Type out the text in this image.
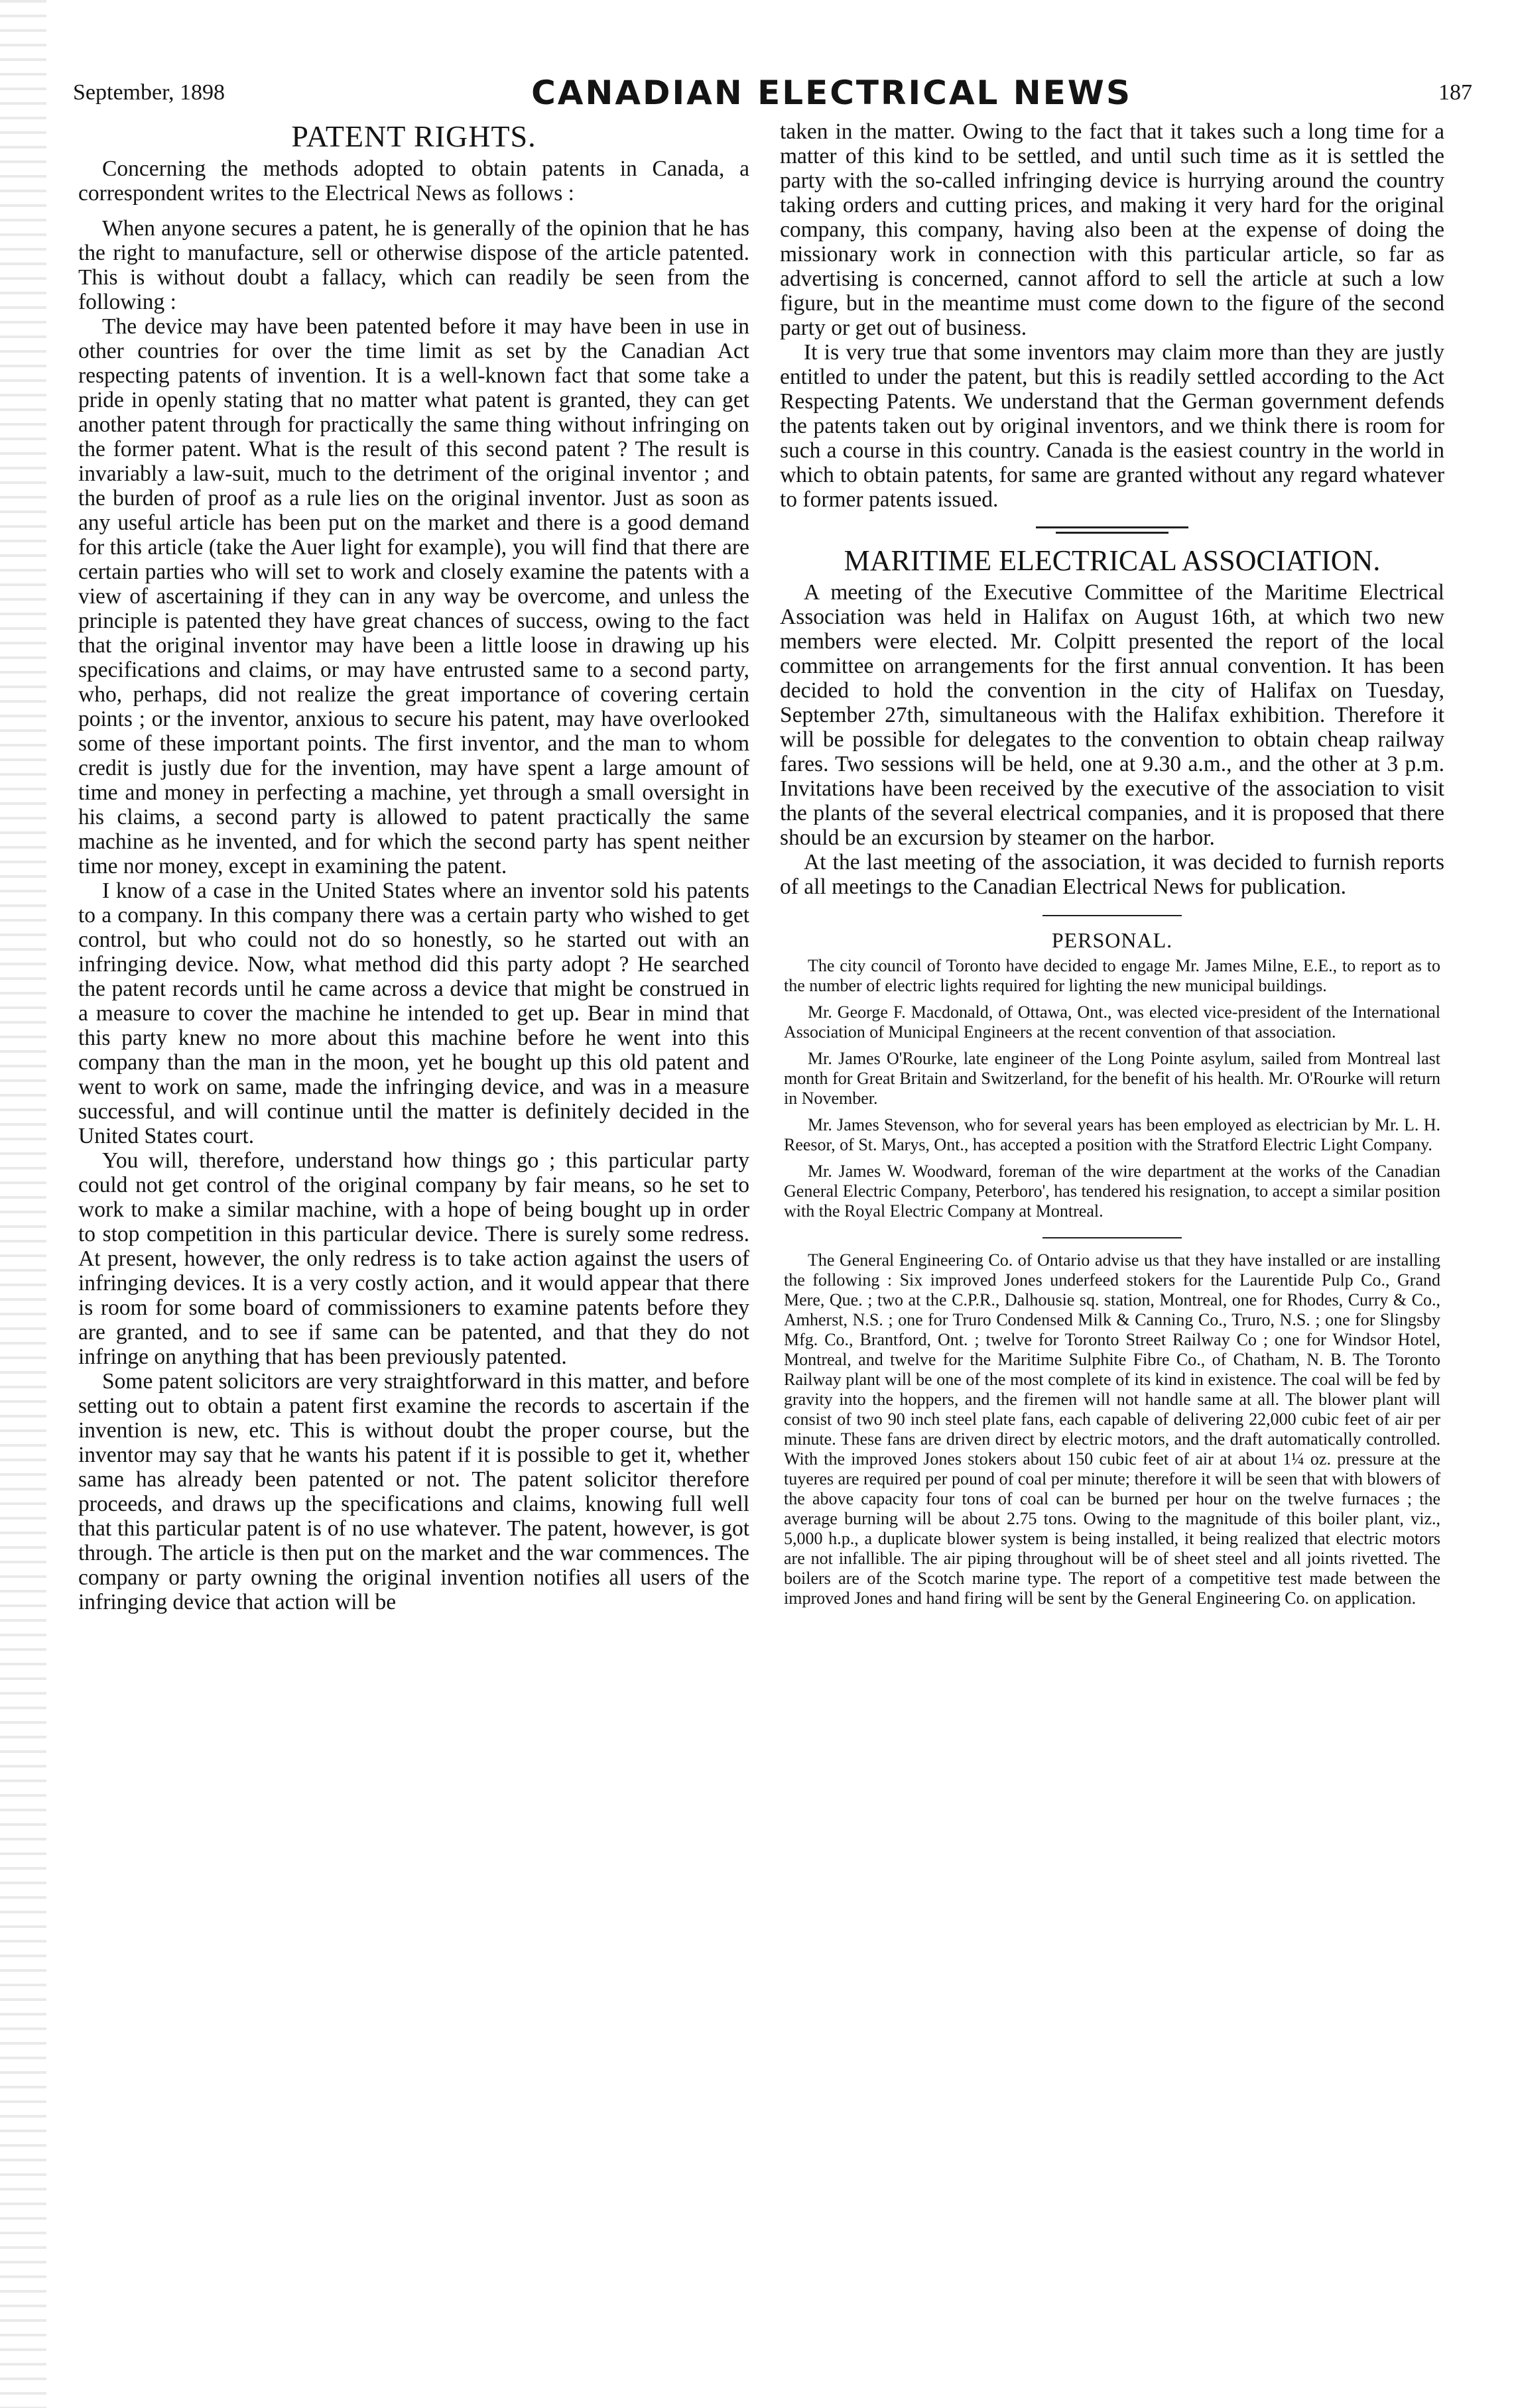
September, 1898	CANADIAN ELECTRICAL NEWS	187
PATENT RIGHTS.

Concerning the methods adopted to obtain patents in Canada, a correspondent writes to the Electrical News as follows :

When anyone secures a patent, he is generally of the opinion that he has the right to manufacture, sell or otherwise dispose of the article patented. This is without doubt a fallacy, which can readily be seen from the following :

The device may have been patented before it may have been in use in other countries for over the time limit as set by the Canadian Act respecting patents of invention. It is a well-known fact that some take a pride in openly stating that no matter what patent is granted, they can get another patent through for practically the same thing without infringing on the former patent. What is the result of this second patent ? The result is invariably a law-suit, much to the detriment of the original inventor ; and the burden of proof as a rule lies on the original inventor. Just as soon as any useful article has been put on the market and there is a good demand for this article (take the Auer light for example), you will find that there are certain parties who will set to work and closely examine the patents with a view of ascertaining if they can in any way be overcome, and unless the principle is patented they have great chances of success, owing to the fact that the original inventor may have been a little loose in drawing up his specifications and claims, or may have entrusted same to a second party, who, perhaps, did not realize the great importance of covering certain points ; or the inventor, anxious to secure his patent, may have overlooked some of these important points. The first inventor, and the man to whom credit is justly due for the invention, may have spent a large amount of time and money in perfecting a machine, yet through a small oversight in his claims, a second party is allowed to patent practically the same machine as he invented, and for which the second party has spent neither time nor money, except in examining the patent.

I know of a case in the United States where an inventor sold his patents to a company. In this company there was a certain party who wished to get control, but who could not do so honestly, so he started out with an infringing device. Now, what method did this party adopt ? He searched the patent records until he came across a device that might be construed in a measure to cover the machine he intended to get up. Bear in mind that this party knew no more about this machine before he went into this company than the man in the moon, yet he bought up this old patent and went to work on same, made the infringing device, and was in a measure successful, and will continue until the matter is definitely decided in the United States court.

You will, therefore, understand how things go ; this particular party could not get control of the original company by fair means, so he set to work to make a similar machine, with a hope of being bought up in order to stop competition in this particular device. There is surely some redress. At present, however, the only redress is to take action against the users of infringing devices. It is a very costly action, and it would appear that there is room for some board of commissioners to examine patents before they are granted, and to see if same can be patented, and that they do not infringe on anything that has been previously patented.

Some patent solicitors are very straightforward in this matter, and before setting out to obtain a patent first examine the records to ascertain if the invention is new, etc. This is without doubt the proper course, but the inventor may say that he wants his patent if it is possible to get it, whether same has already been patented or not. The patent solicitor therefore proceeds, and draws up the specifications and claims, knowing full well that this particular patent is of no use whatever. The patent, however, is got through. The article is then put on the market and the war commences. The company or party owning the original invention notifies all users of the infringing device that action will be

taken in the matter. Owing to the fact that it takes such a long time for a matter of this kind to be settled, and until such time as it is settled the party with the so-called infringing device is hurrying around the country taking orders and cutting prices, and making it very hard for the original company, this company, having also been at the expense of doing the missionary work in connection with this particular article, so far as advertising is concerned, cannot afford to sell the article at such a low figure, but in the meantime must come down to the figure of the second party or get out of business.

It is very true that some inventors may claim more than they are justly entitled to under the patent, but this is readily settled according to the Act Respecting Patents. We understand that the German government defends the patents taken out by original inventors, and we think there is room for such a course in this country. Canada is the easiest country in the world in which to obtain patents, for same are granted without any regard whatever to former patents issued.

MARITIME ELECTRICAL ASSOCIATION.

A meeting of the Executive Committee of the Maritime Electrical Association was held in Halifax on August 16th, at which two new members were elected. Mr. Colpitt presented the report of the local committee on arrangements for the first annual convention. It has been decided to hold the convention in the city of Halifax on Tuesday, September 27th, simultaneous with the Halifax exhibition. Therefore it will be possible for delegates to the convention to obtain cheap railway fares. Two sessions will be held, one at 9.30 a.m., and the other at 3 p.m. Invitations have been received by the executive of the association to visit the plants of the several electrical companies, and it is proposed that there should be an excursion by steamer on the harbor.

At the last meeting of the association, it was decided to furnish reports of all meetings to the Canadian Electrical News for publication.

PERSONAL.

The city council of Toronto have decided to engage Mr. James Milne, E.E., to report as to the number of electric lights required for lighting the new municipal buildings.

Mr. George F. Macdonald, of Ottawa, Ont., was elected vice-president of the International Association of Municipal Engineers at the recent convention of that association.

Mr. James O'Rourke, late engineer of the Long Pointe asylum, sailed from Montreal last month for Great Britain and Switzerland, for the benefit of his health. Mr. O'Rourke will return in November.

Mr. James Stevenson, who for several years has been employed as electrician by Mr. L. H. Reesor, of St. Marys, Ont., has accepted a position with the Stratford Electric Light Company.

Mr. James W. Woodward, foreman of the wire department at the works of the Canadian General Electric Company, Peterboro', has tendered his resignation, to accept a similar position with the Royal Electric Company at Montreal.

The General Engineering Co. of Ontario advise us that they have installed or are installing the following : Six improved Jones underfeed stokers for the Laurentide Pulp Co., Grand Mere, Que. ; two at the C.P.R., Dalhousie sq. station, Montreal, one for Rhodes, Curry & Co., Amherst, N.S. ; one for Truro Condensed Milk & Canning Co., Truro, N.S. ; one for Slingsby Mfg. Co., Brantford, Ont. ; twelve for Toronto Street Railway Co ; one for Windsor Hotel, Montreal, and twelve for the Maritime Sulphite Fibre Co., of Chatham, N. B. The Toronto Railway plant will be one of the most complete of its kind in existence. The coal will be fed by gravity into the hoppers, and the firemen will not handle same at all. The blower plant will consist of two 90 inch steel plate fans, each capable of delivering 22,000 cubic feet of air per minute. These fans are driven direct by electric motors, and the draft automatically controlled. With the improved Jones stokers about 150 cubic feet of air at about 1¼ oz. pressure at the tuyeres are required per pound of coal per minute; therefore it will be seen that with blowers of the above capacity four tons of coal can be burned per hour on the twelve furnaces ; the average burning will be about 2.75 tons. Owing to the magnitude of this boiler plant, viz., 5,000 h.p., a duplicate blower system is being installed, it being realized that electric motors are not infallible. The air piping throughout will be of sheet steel and all joints rivetted. The boilers are of the Scotch marine type. The report of a competitive test made between the improved Jones and hand firing will be sent by the General Engineering Co. on application.
